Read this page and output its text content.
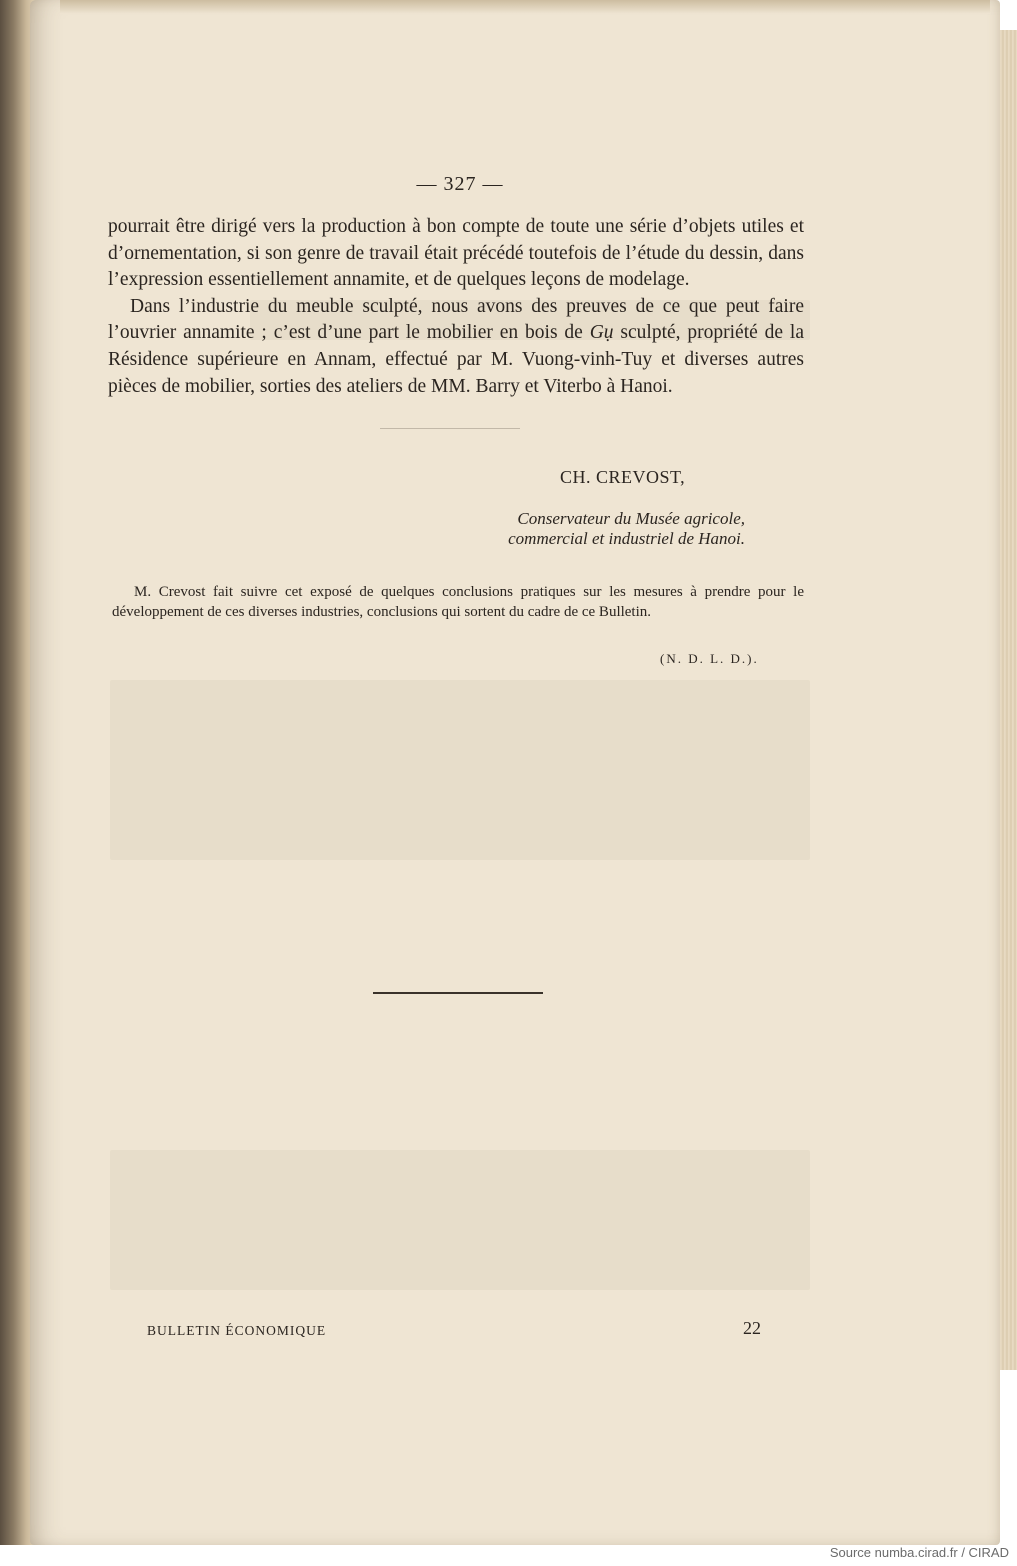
— 327 —

pourrait être dirigé vers la production à bon compte de toute une série d’objets utiles et d’ornementation, si son genre de travail était précédé toutefois de l’étude du dessin, dans l’expression essentiellement annamite, et de quelques leçons de modelage.

Dans l’industrie du meuble sculpté, nous avons des preuves de ce que peut faire l’ouvrier annamite ; c’est d’une part le mobilier en bois de Gụ sculpté, propriété de la Résidence supérieure en Annam, effectué par M. Vuong-vinh-Tuy et diverses autres pièces de mobilier, sorties des ateliers de MM. Barry et Viterbo à Hanoi.

CH. CREVOST,
Conservateur du Musée agricole,
commercial et industriel de Hanoi.

M. Crevost fait suivre cet exposé de quelques conclusions pratiques sur les mesures à prendre pour le développement de ces diverses industries, conclusions qui sortent du cadre de ce Bulletin.

(N. D. L. D.).
BULLETIN ÉCONOMIQUE	22
Source numba.cirad.fr / CIRAD
